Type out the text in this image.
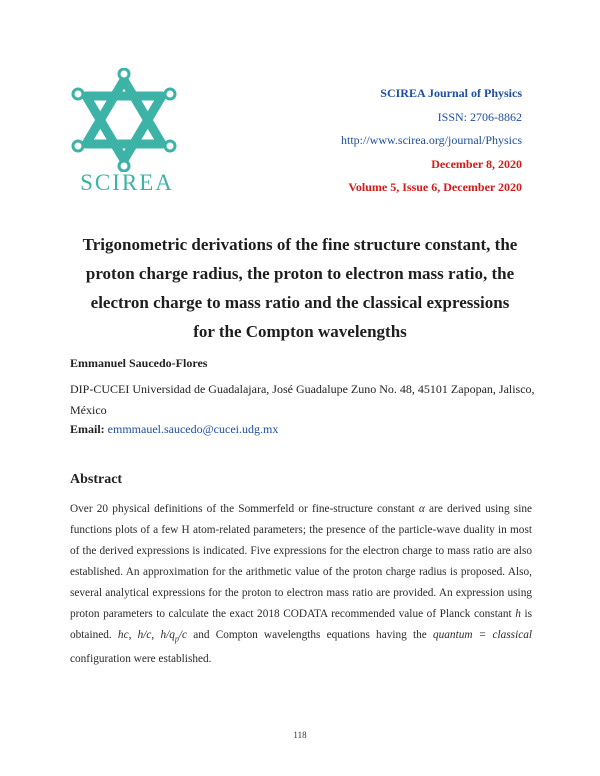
SCIREA
SCIREA Journal of Physics
ISSN: 2706-8862
http://www.scirea.org/journal/Physics
December 8, 2020
Volume 5, Issue 6, December 2020
Trigonometric derivations of the fine structure constant, the
proton charge radius, the proton to electron mass ratio, the
electron charge to mass ratio and the classical expressions
for the Compton wavelengths
Emmanuel Saucedo-Flores
DIP-CUCEI Universidad de Guadalajara, José Guadalupe Zuno No. 48, 45101 Zapopan, Jalisco, México
Email: emmmauel.saucedo@cucei.udg.mx
Abstract
Over 20 physical definitions of the Sommerfeld or fine-structure constant α are derived using sine functions plots of a few H atom-related parameters; the presence of the particle-wave duality in most of the derived expressions is indicated. Five expressions for the electron charge to mass ratio are also established. An approximation for the arithmetic value of the proton charge radius is proposed. Also, several analytical expressions for the proton to electron mass ratio are provided. An expression using proton parameters to calculate the exact 2018 CODATA recommended value of Planck constant h is obtained. hc, h/c, $h/q_p/c$ and Compton wavelengths equations having the quantum = classical configuration were established.
118
